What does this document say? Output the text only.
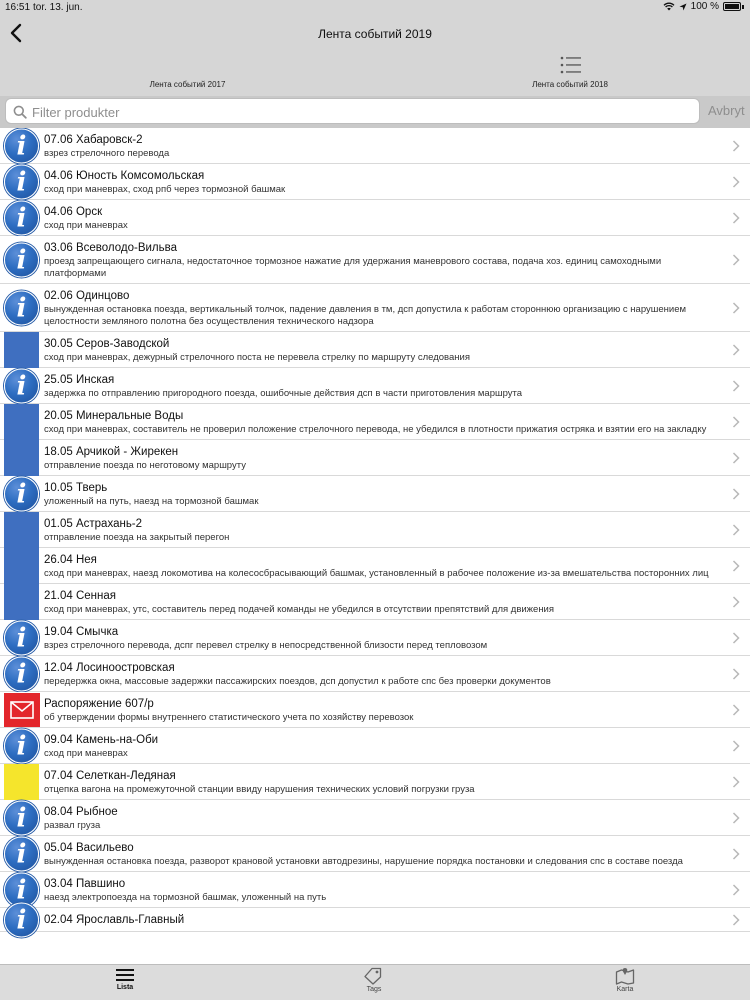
16:51 tor. 13. jun.	100 %
Лента событий 2019
Лента событий 2017	Лента событий 2018
Filter produkter
Avbryt
i
07.06 Хабаровск-2
взрез стрелочного перевода
i
04.06 Юность Комсомольская
сход при маневрах, сход рпб через тормозной башмак
i
04.06 Орск
сход при маневрах
i
03.06 Всеволодо-Вильва
проезд запрещающего сигнала, недостаточное тормозное нажатие для удержания маневрового состава, подача хоз. единиц самоходными платформами
i
02.06 Одинцово
вынужденная остановка поезда, вертикальный толчок, падение давления в тм, дсп допустила к работам стороннюю организацию с нарушением целостности земляного полотна без осуществления технического надзора
30.05 Серов-Заводской
сход при маневрах, дежурный стрелочного поста не перевела стрелку по маршруту следования
i
25.05 Инская
задержка по отправлению пригородного поезда, ошибочные действия дсп в части приготовления маршрута
20.05 Минеральные Воды
сход при маневрах, составитель не проверил положение стрелочного перевода, не убедился в плотности прижатия остряка и взятии его на закладку
18.05 Арчикой - Жирекен
отправление поезда по неготовому маршруту
i
10.05 Тверь
уложенный на путь, наезд на тормозной башмак
01.05 Астрахань-2
отправление поезда на закрытый перегон
26.04 Нея
сход при маневрах, наезд локомотива на колесосбрасывающий башмак, установленный в рабочее положение из-за вмешательства посторонних лиц
21.04 Сенная
сход при маневрах, утс, составитель перед подачей команды не убедился в отсутствии препятствий для движения
i
19.04 Смычка
взрез стрелочного перевода, дспг перевел стрелку в непосредственной близости перед тепловозом
i
12.04 Лосиноостровская
передержка окна, массовые задержки пассажирских поездов, дсп допустил к работе спс без проверки документов
Распоряжение 607/р
об утверждении формы внутреннего статистического учета по хозяйству перевозок
i
09.04 Камень-на-Оби
сход при маневрах
07.04 Селеткан-Ледяная
отцепка вагона на промежуточной станции ввиду нарушения технических условий погрузки груза
i
08.04 Рыбное
развал груза
i
05.04 Васильево
вынужденная остановка поезда, разворот крановой установки автодрезины, нарушение порядка постановки и следования спс в составе поезда
i
03.04 Павшино
наезд электропоезда на тормозной башмак, уложенный на путь
i
02.04 Ярославль-Главный
Lista	Tags	Karta
